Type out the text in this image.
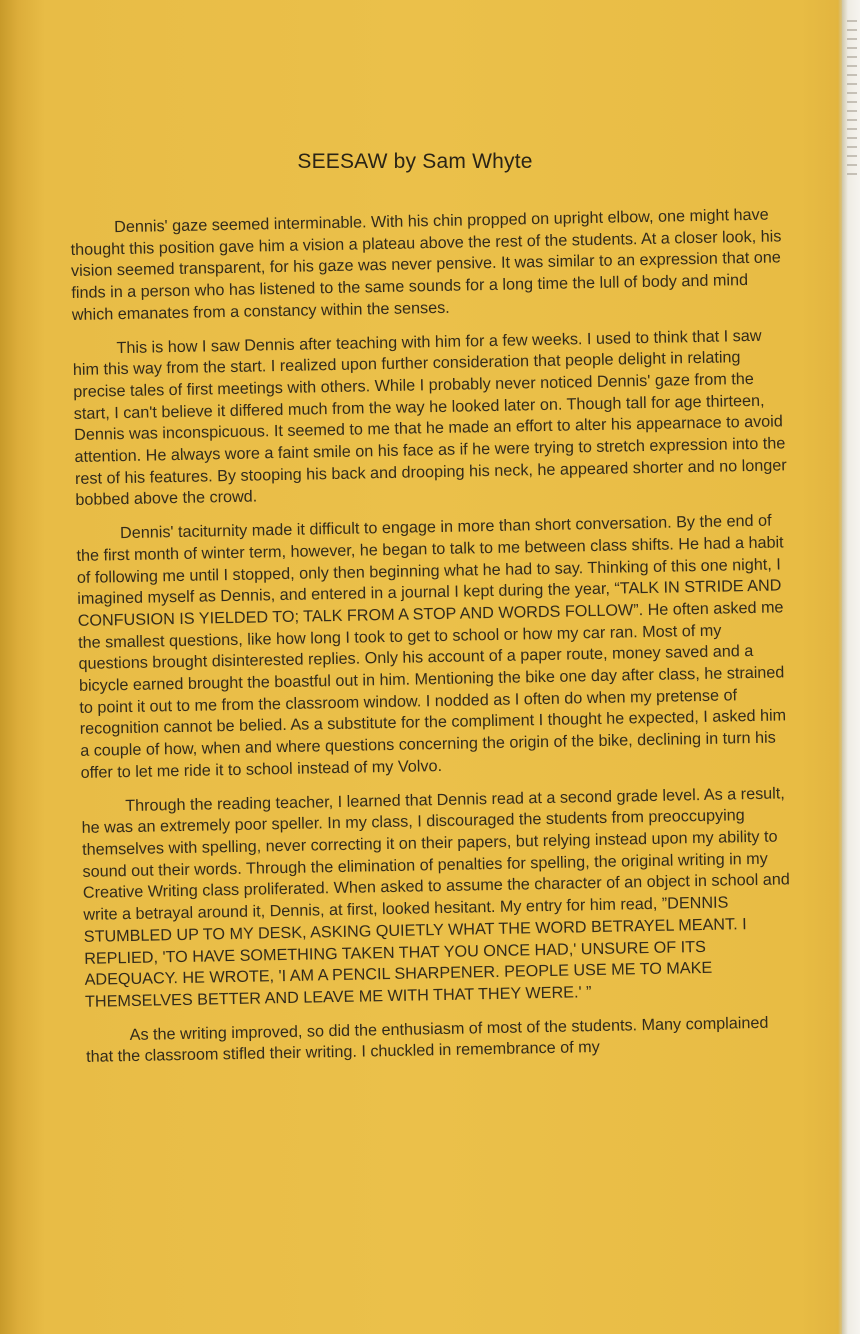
SEESAW by Sam Whyte

Dennis' gaze seemed interminable. With his chin propped on upright elbow, one might have thought this position gave him a vision a plateau above the rest of the students. At a closer look, his vision seemed transparent, for his gaze was never pensive. It was similar to an expression that one finds in a person who has listened to the same sounds for a long time the lull of body and mind which emanates from a constancy within the senses.

This is how I saw Dennis after teaching with him for a few weeks. I used to think that I saw him this way from the start. I realized upon further consideration that people delight in relating precise tales of first meetings with others. While I probably never noticed Dennis' gaze from the start, I can't believe it differed much from the way he looked later on. Though tall for age thirteen, Dennis was inconspicuous. It seemed to me that he made an effort to alter his appearnace to avoid attention. He always wore a faint smile on his face as if he were trying to stretch expression into the rest of his features. By stooping his back and drooping his neck, he appeared shorter and no longer bobbed above the crowd.

Dennis' taciturnity made it difficult to engage in more than short conversation. By the end of the first month of winter term, however, he began to talk to me between class shifts. He had a habit of following me until I stopped, only then beginning what he had to say. Thinking of this one night, I imagined myself as Dennis, and entered in a journal I kept during the year, “TALK IN STRIDE AND CONFUSION IS YIELDED TO; TALK FROM A STOP AND WORDS FOLLOW”. He often asked me the smallest questions, like how long I took to get to school or how my car ran. Most of my questions brought disinterested replies. Only his account of a paper route, money saved and a bicycle earned brought the boastful out in him. Mentioning the bike one day after class, he strained to point it out to me from the classroom window. I nodded as I often do when my pretense of recognition cannot be belied. As a substitute for the compliment I thought he expected, I asked him a couple of how, when and where questions concerning the origin of the bike, declining in turn his offer to let me ride it to school instead of my Volvo.

Through the reading teacher, I learned that Dennis read at a second grade level. As a result, he was an extremely poor speller. In my class, I discouraged the students from preoccupying themselves with spelling, never correcting it on their papers, but relying instead upon my ability to sound out their words. Through the elimination of penalties for spelling, the original writing in my Creative Writing class proliferated. When asked to assume the character of an object in school and write a betrayal around it, Dennis, at first, looked hesitant. My entry for him read, ”DENNIS STUMBLED UP TO MY DESK, ASKING QUIETLY WHAT THE WORD BETRAYEL MEANT. I REPLIED, 'TO HAVE SOMETHING TAKEN THAT YOU ONCE HAD,' UNSURE OF ITS ADEQUACY. HE WROTE, 'I AM A PENCIL SHARPENER. PEOPLE USE ME TO MAKE THEMSELVES BETTER AND LEAVE ME WITH THAT THEY WERE.' ”

As the writing improved, so did the enthusiasm of most of the students. Many complained that the classroom stifled their writing. I chuckled in remembrance of my
